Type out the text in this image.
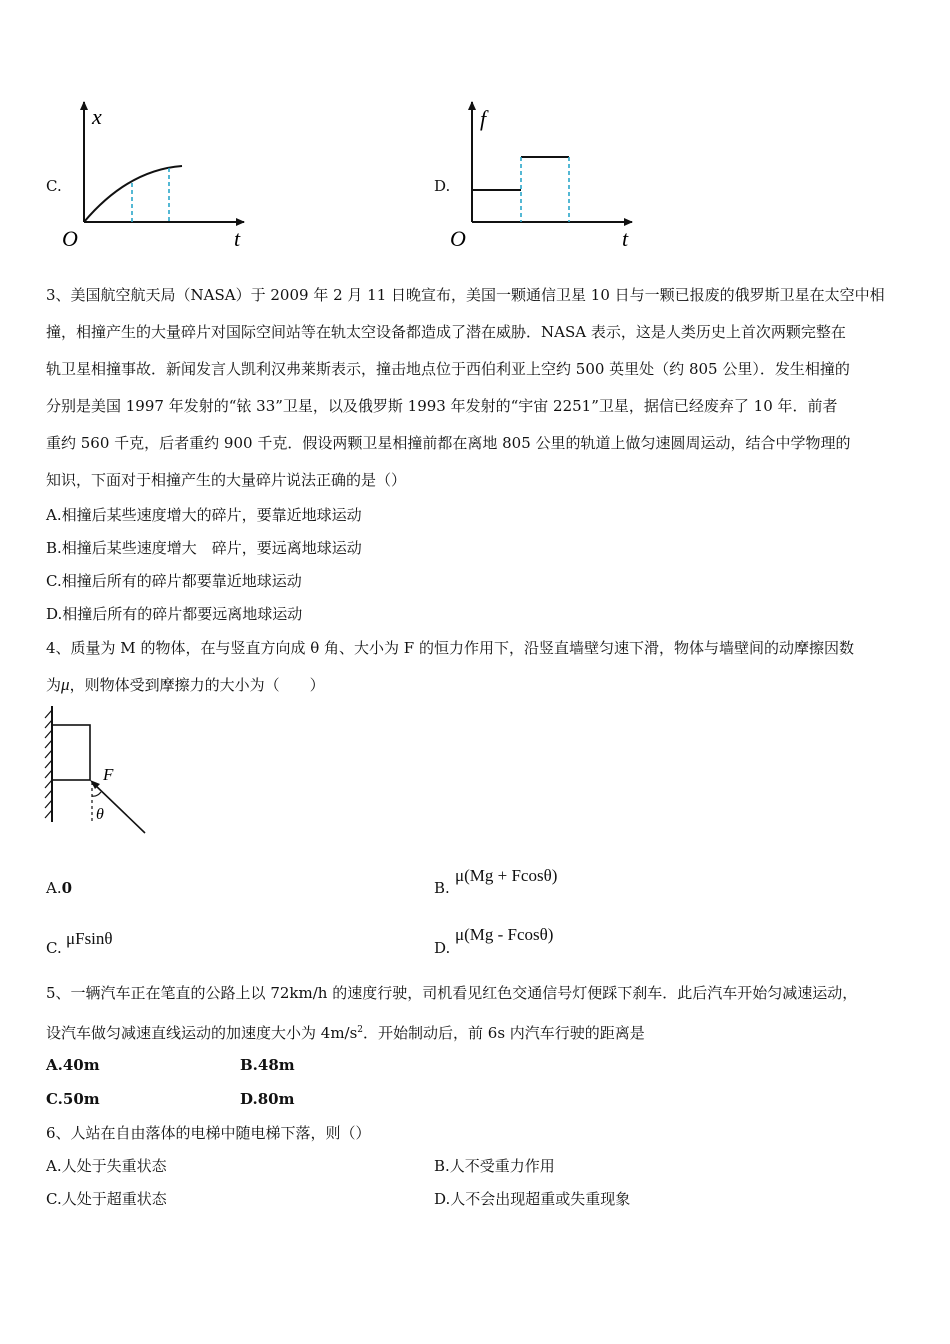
C.
x
t
O
D.
f
t
O
3、美国航空航天局（NASA）于 2009 年 2 月 11 日晚宣布，美国一颗通信卫星 10 日与一颗已报废的俄罗斯卫星在太空中相
撞，相撞产生的大量碎片对国际空间站等在轨太空设备都造成了潜在威胁．NASA 表示，这是人类历史上首次两颗完整在
轨卫星相撞事故．新闻发言人凯利汉弗莱斯表示，撞击地点位于西伯利亚上空约 500 英里处（约 805 公里）．发生相撞的
分别是美国 1997 年发射的“铱 33”卫星，以及俄罗斯 1993 年发射的“宇宙 2251”卫星，据信已经废弃了 10 年．前者
重约 560 千克，后者重约 900 千克．假设两颗卫星相撞前都在离地 805 公里的轨道上做匀速圆周运动，结合中学物理的
知识，下面对于相撞产生的大量碎片说法正确的是（）
A.相撞后某些速度增大的碎片，要靠近地球运动
B.相撞后某些速度增大　碎片，要远离地球运动
C.相撞后所有的碎片都要靠近地球运动
D.相撞后所有的碎片都要远离地球运动
4、质量为 M 的物体，在与竖直方向成 θ 角、大小为 F 的恒力作用下，沿竖直墙壁匀速下滑，物体与墙壁间的动摩擦因数
为μ，则物体受到摩擦力的大小为（　　）
F
θ
A.0	B.
μ(Mg + Fcosθ)
C. μFsinθ	D.
μ(Mg - Fcosθ)
5、一辆汽车正在笔直的公路上以 72km/h 的速度行驶，司机看见红色交通信号灯便踩下刹车．此后汽车开始匀减速运动，
设汽车做匀减速直线运动的加速度大小为 $4m/s^2$．开始制动后，前 6s 内汽车行驶的距离是
A.40m	B.48m
C.50m	D.80m
6、人站在自由落体的电梯中随电梯下落，则（）
A.人处于失重状态	B.人不受重力作用
C.人处于超重状态	D.人不会出现超重或失重现象
